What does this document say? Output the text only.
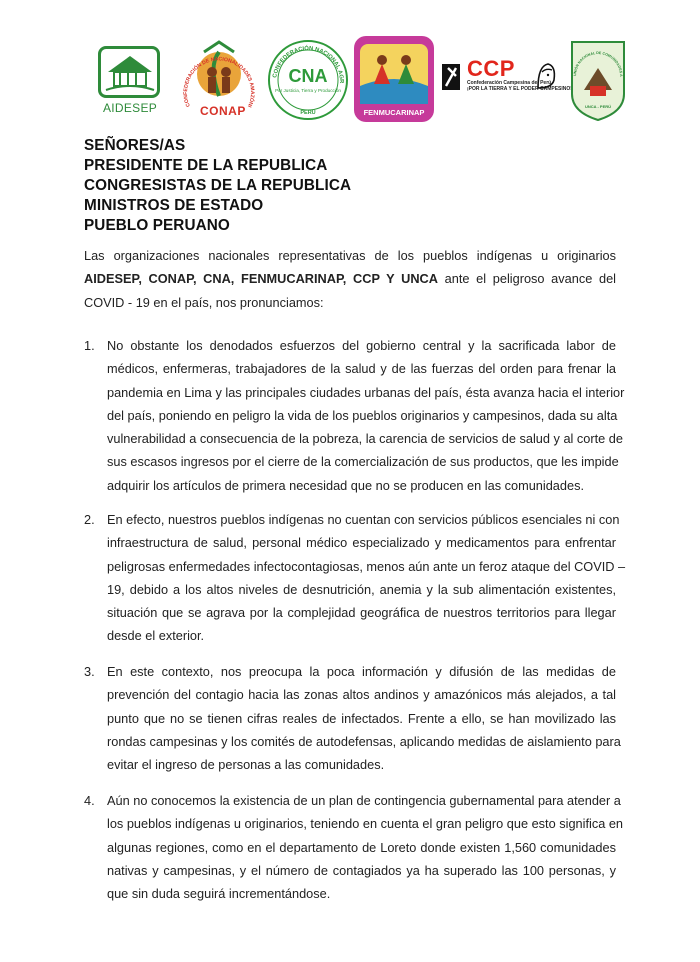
AIDESEP	CONFEDERACIÓN DE NACIONALIDADES AMAZÓNI
CONAP
CONFEDERACIÓN NACIONAL AGR
CNA
Por Justicia, Tierra y Producción
PERU	FENMUCARINAP
CCP
Confederación Campesina del Perú
¡POR LA TIERRA Y EL PODER CAMPESINO!
UNIÓN NACIONAL DE COMUNIDADES A
UNCA - PERÚ
SEÑORES/AS
PRESIDENTE DE LA REPUBLICA
CONGRESISTAS DE LA REPUBLICA
MINISTROS DE ESTADO
PUEBLO PERUANO
Las organizaciones nacionales representativas de los pueblos indígenas u originarios
AIDESEP, CONAP, CNA, FENMUCARINAP, CCP Y UNCA ante el peligroso avance del
COVID - 19 en el país, nos pronunciamos:
1. No obstante los denodados esfuerzos del gobierno central y la sacrificada labor de
médicos, enfermeras, trabajadores de la salud y de las fuerzas del orden para frenar la
pandemia en Lima y las principales ciudades urbanas del país, ésta avanza hacia el interior
del país, poniendo en peligro la vida de los pueblos originarios y campesinos, dada su alta
vulnerabilidad a consecuencia de la pobreza, la carencia de servicios de salud y al corte de
sus escasos ingresos por el cierre de la comercialización de sus productos, que les impide
adquirir los artículos de primera necesidad que no se producen en las comunidades.
2. En efecto, nuestros pueblos indígenas no cuentan con servicios públicos esenciales ni con
infraestructura de salud, personal médico especializado y medicamentos para enfrentar
peligrosas enfermedades infectocontagiosas, menos aún ante un feroz ataque del COVID –
19, debido a los altos niveles de desnutrición, anemia y la sub alimentación existentes,
situación que se agrava por la complejidad geográfica de nuestros territorios para llegar
desde el exterior.
3. En este contexto, nos preocupa la poca información y difusión de las medidas de
prevención del contagio hacia las zonas altos andinos y amazónicos más alejados, a tal
punto que no se tienen cifras reales de infectados. Frente a ello, se han movilizado las
rondas campesinas y los comités de autodefensas, aplicando medidas de aislamiento para
evitar el ingreso de personas a las comunidades.
4. Aún no conocemos la existencia de un plan de contingencia gubernamental para atender a
los pueblos indígenas u originarios, teniendo en cuenta el gran peligro que esto significa en
algunas regiones, como en el departamento de Loreto donde existen 1,560 comunidades
nativas y campesinas, y el número de contagiados ya ha superado las 100 personas, y
que sin duda seguirá incrementándose.
